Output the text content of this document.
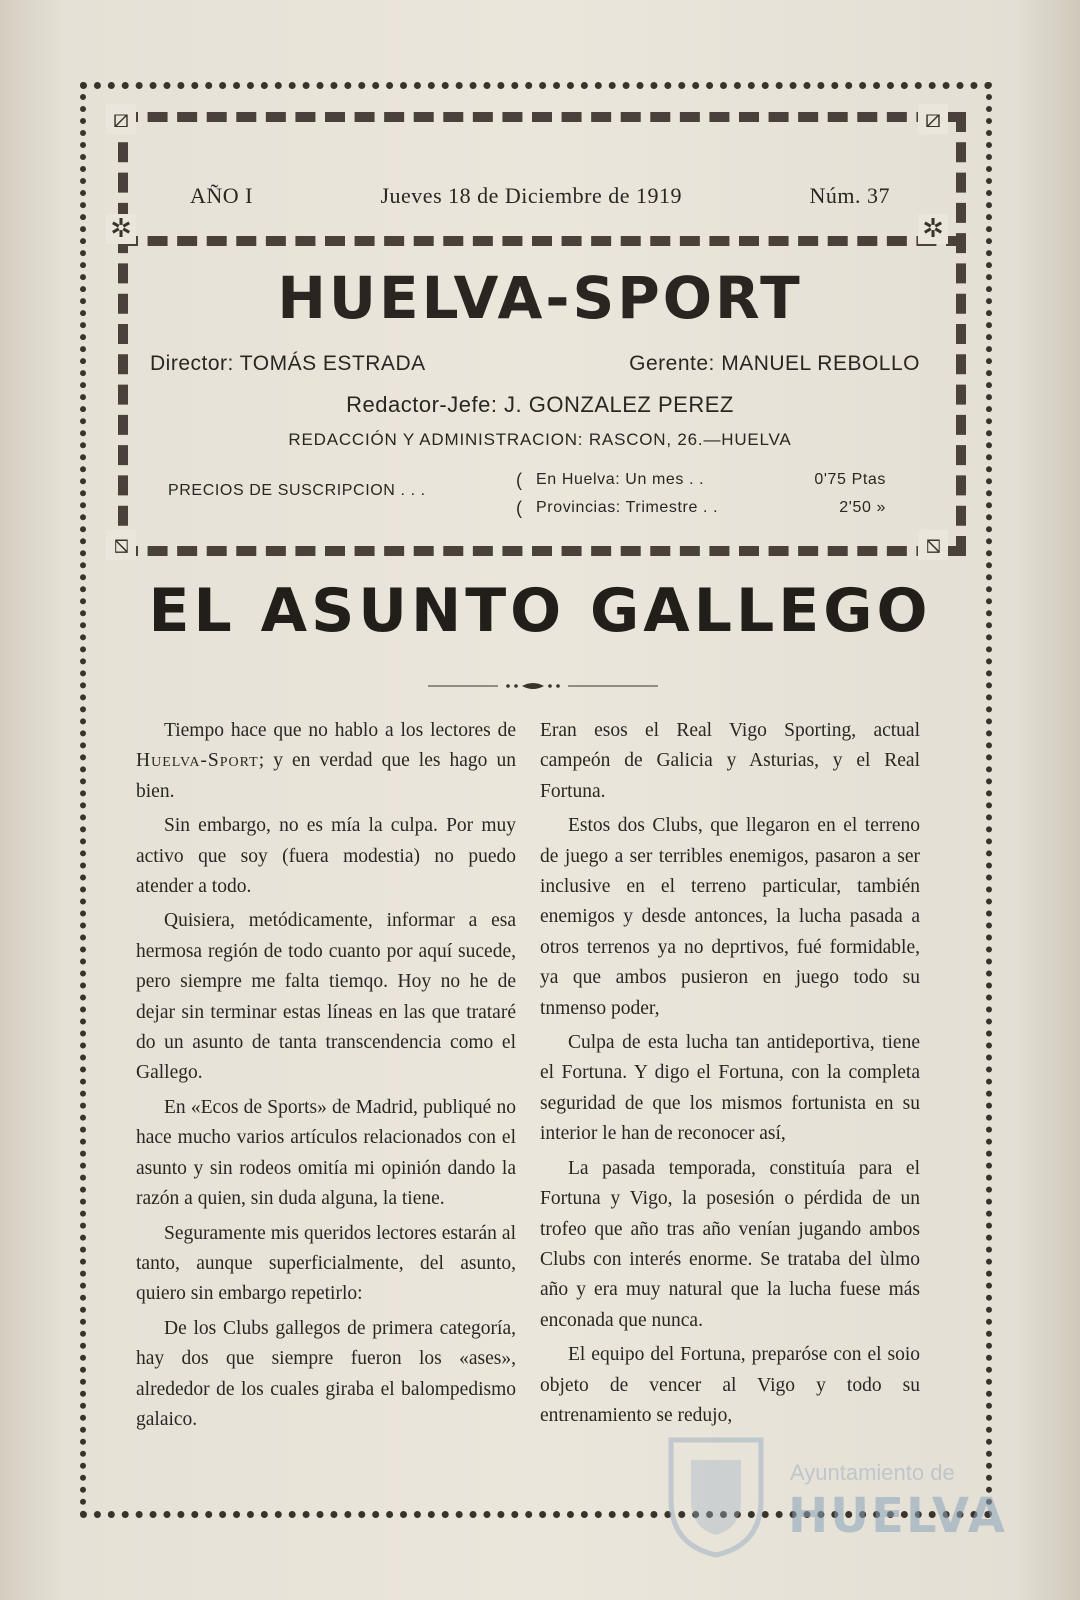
⧄	⧄
✲	✲
⧅	⧅
AÑO I	Jueves 18 de Diciembre de 1919	Núm. 37
HUELVA-SPORT
Director: TOMÁS ESTRADA	Gerente: MANUEL REBOLLO
Redactor-Jefe: J. GONZALEZ PEREZ
REDACCIÓN Y ADMINISTRACION: RASCON, 26.—HUELVA
PRECIOS DE SUSCRIPCION . . .
(
(
En Huelva: Un mes . .	0'75 Ptas
Provincias: Trimestre . .	2'50 »
EL ASUNTO GALLEGO

Tiempo hace que no hablo a los lectores de Huelva-Sport; y en verdad que les hago un bien.

Sin embargo, no es mía la culpa. Por muy activo que soy (fuera modestia) no puedo atender a todo.

Quisiera, metódicamente, informar a esa hermosa región de todo cuanto por aquí sucede, pero siempre me falta tiemqo. Hoy no he de dejar sin terminar estas líneas en las que trataré do un asunto de tanta transcendencia como el Gallego.

En «Ecos de Sports» de Madrid, publiqué no hace mucho varios artículos relacionados con el asunto y sin rodeos omitía mi opinión dando la razón a quien, sin duda alguna, la tiene.

Seguramente mis queridos lectores estarán al tanto, aunque superficialmente, del asunto, quiero sin embargo repetirlo:

De los Clubs gallegos de primera categoría, hay dos que siempre fueron los «ases», alrededor de los cuales giraba el balompedismo galaico.

Eran esos el Real Vigo Sporting, actual campeón de Galicia y Asturias, y el Real Fortuna.

Estos dos Clubs, que llegaron en el terreno de juego a ser terribles enemigos, pasaron a ser inclusive en el terreno particular, también enemigos y desde antonces, la lucha pasada a otros terrenos ya no deprtivos, fué formidable, ya que ambos pusieron en juego todo su tnmenso poder,

Culpa de esta lucha tan antideportiva, tiene el Fortuna. Y digo el Fortuna, con la completa seguridad de que los mismos fortunista en su interior le han de reconocer así,

La pasada temporada, constituía para el Fortuna y Vigo, la posesión o pérdida de un trofeo que año tras año venían jugando ambos Clubs con interés enorme. Se trataba del ùlmo año y era muy natural que la lucha fuese más enconada que nunca.

El equipo del Fortuna, preparóse con el soio objeto de vencer al Vigo y todo su entrenamiento se redujo,

Ayuntamiento de
HUELVA
